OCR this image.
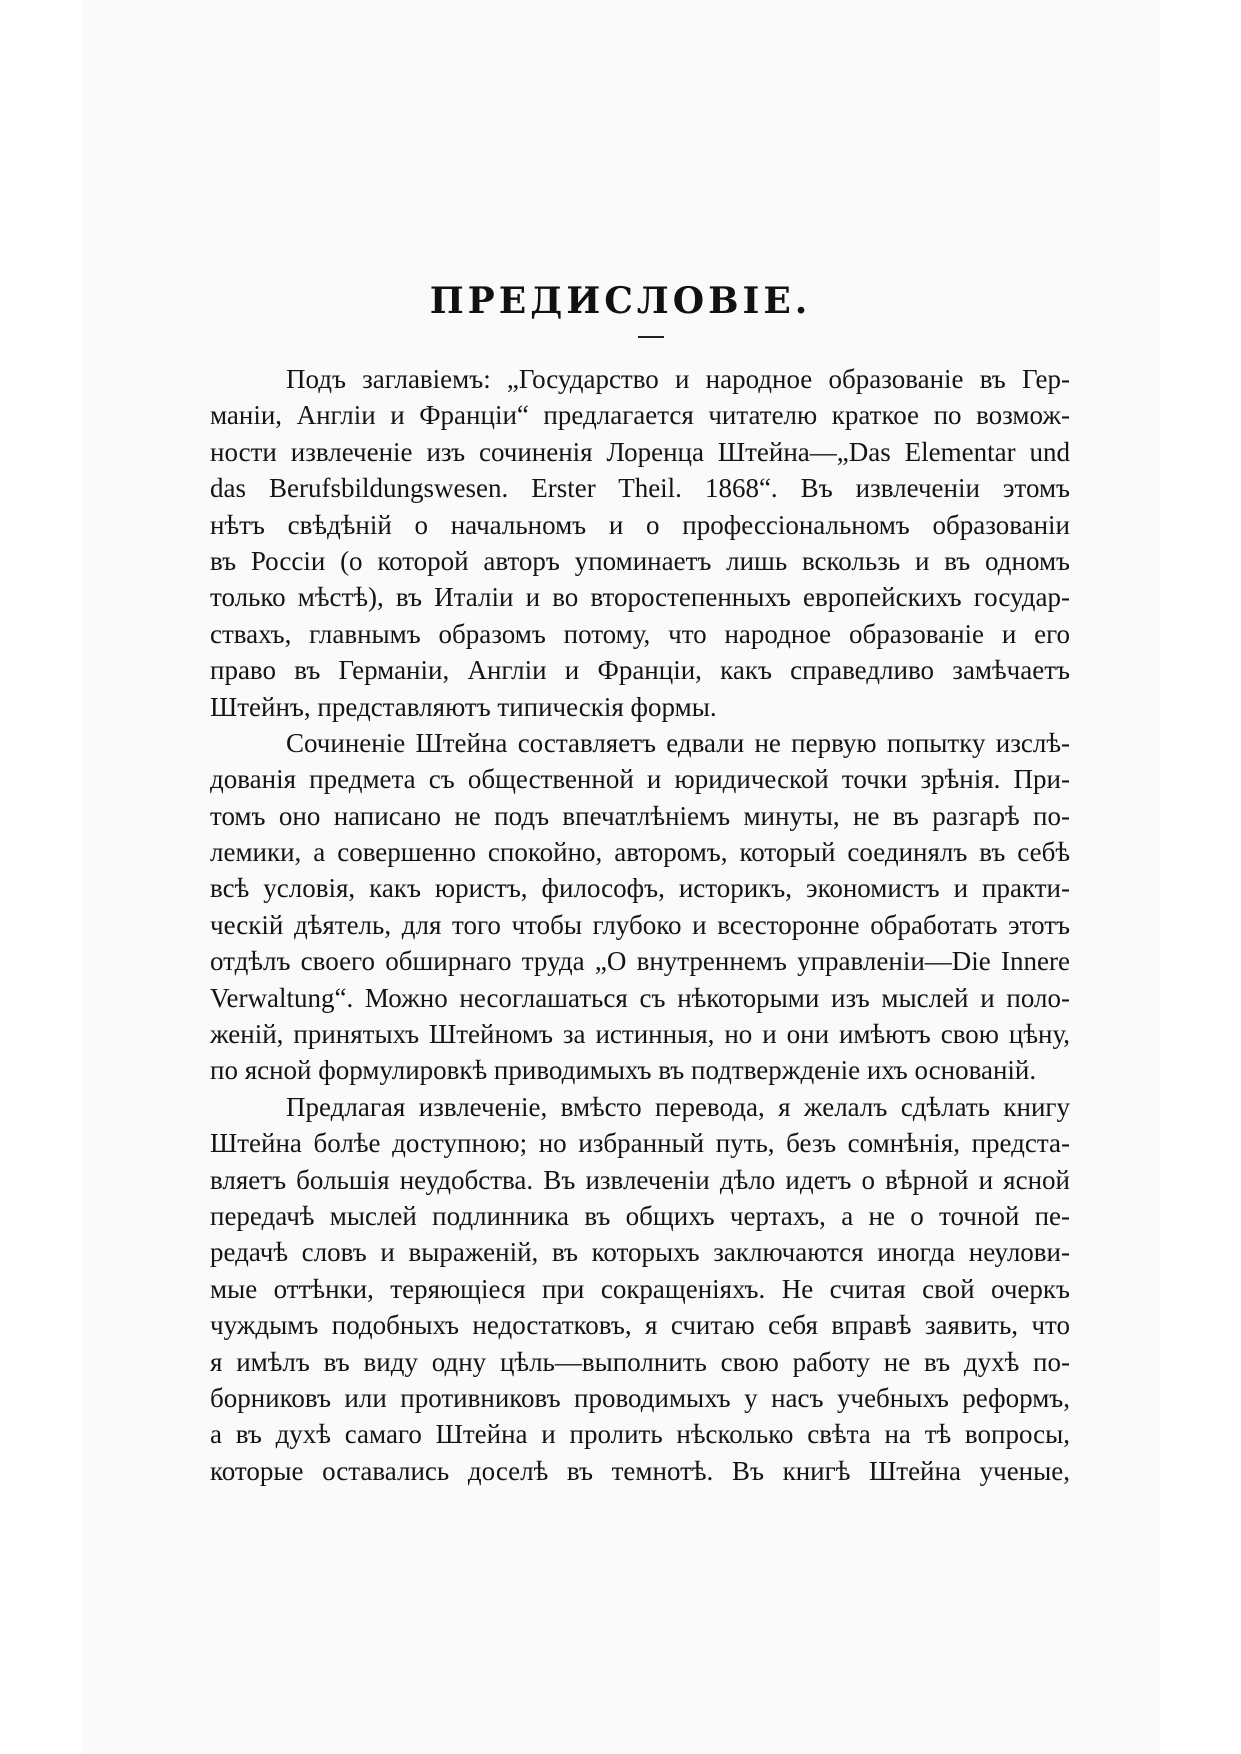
ПРЕДИСЛОВІЕ.
Подъ заглавіемъ: „Государство и народное образованіе въ Гер-
маніи, Англіи и Франціи“ предлагается читателю краткое по возмож-
ности извлеченіе изъ сочиненія Лоренца Штейна—„Das Elementar und
das Berufsbildungswesen. Erster Theil. 1868“. Въ извлеченіи этомъ
нѣтъ свѣдѣній о начальномъ и о профессіональномъ образованіи
въ Россіи (о которой авторъ упоминаетъ лишь вскользь и въ одномъ
только мѣстѣ), въ Италіи и во второстепенныхъ европейскихъ государ-
ствахъ, главнымъ образомъ потому, что народное образованіе и его
право въ Германіи, Англіи и Франціи, какъ справедливо замѣчаетъ
Штейнъ, представляютъ типическія формы.
Сочиненіе Штейна составляетъ едвали не первую попытку изслѣ-
дованія предмета съ общественной и юридической точки зрѣнія. При-
томъ оно написано не подъ впечатлѣніемъ минуты, не въ разгарѣ по-
лемики, а совершенно спокойно, авторомъ, который соединялъ въ себѣ
всѣ условія, какъ юристъ, философъ, историкъ, экономистъ и практи-
ческій дѣятель, для того чтобы глубоко и всесторонне обработать этотъ
отдѣлъ своего обширнаго труда „О внутреннемъ управленіи—Die Innere
Verwaltung“. Можно несоглашаться съ нѣкоторыми изъ мыслей и поло-
женій, принятыхъ Штейномъ за истинныя, но и они имѣютъ свою цѣну,
по ясной формулировкѣ приводимыхъ въ подтвержденіе ихъ основаній.
Предлагая извлеченіе, вмѣсто перевода, я желалъ сдѣлать книгу
Штейна болѣе доступною; но избранный путь, безъ сомнѣнія, предста-
вляетъ большія неудобства. Въ извлеченіи дѣло идетъ о вѣрной и ясной
передачѣ мыслей подлинника въ общихъ чертахъ, а не о точной пе-
редачѣ словъ и выраженій, въ которыхъ заключаются иногда неулови-
мые оттѣнки, теряющіеся при сокращеніяхъ. Не считая свой очеркъ
чуждымъ подобныхъ недостатковъ, я считаю себя вправѣ заявить, что
я имѣлъ въ виду одну цѣль—выполнить свою работу не въ духѣ по-
борниковъ или противниковъ проводимыхъ у насъ учебныхъ реформъ,
а въ духѣ самаго Штейна и пролить нѣсколько свѣта на тѣ вопросы,
которые оставались доселѣ въ темнотѣ. Въ книгѣ Штейна ученые,
